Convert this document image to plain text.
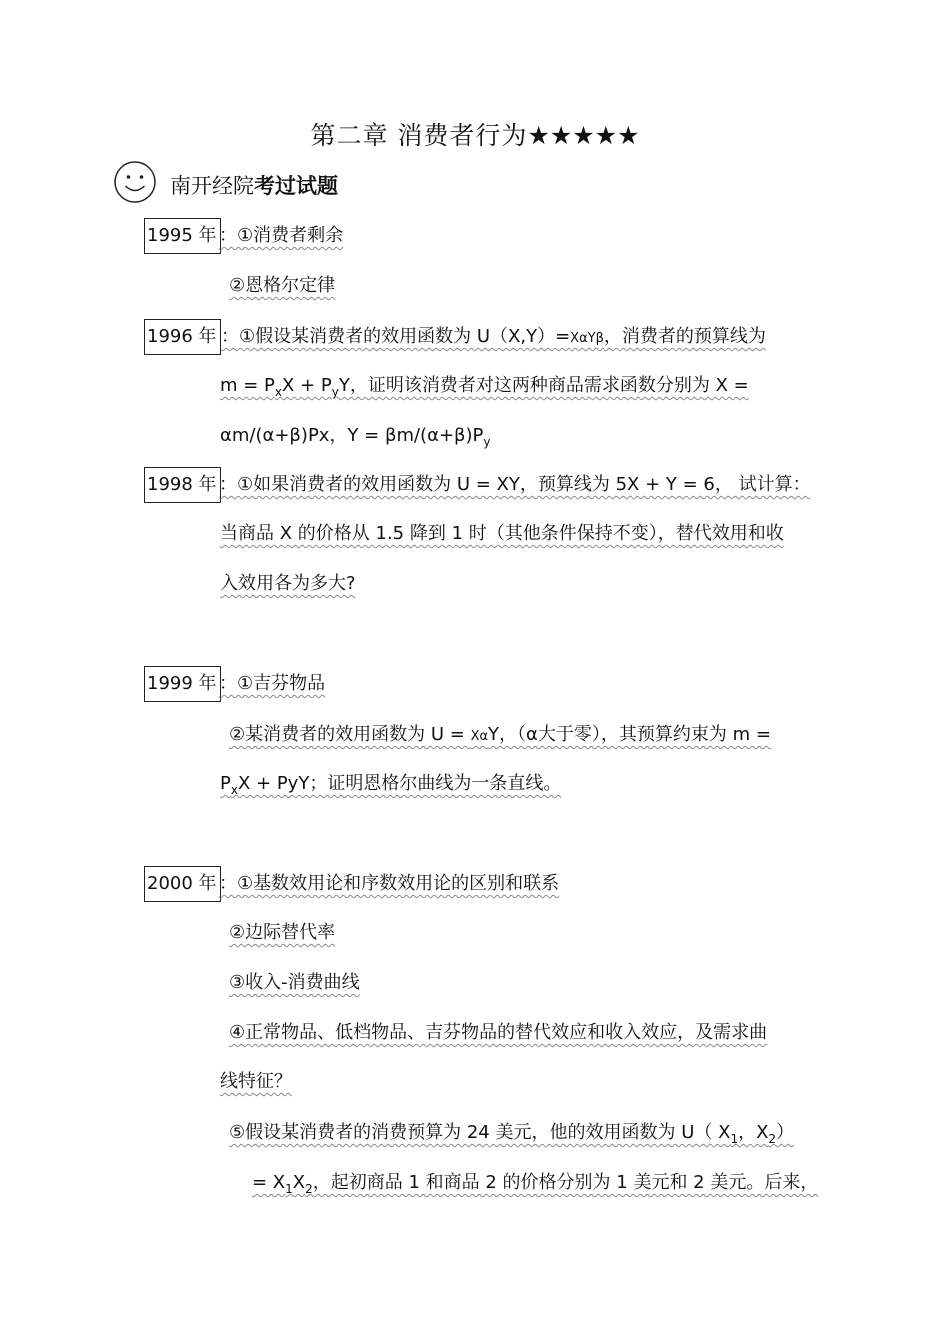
第二章 消费者行为★★★★★
南开经院考过试题
1995 年 ：①消费者剩余
②恩格尔定律
1996 年 ：①假设某消费者的效用函数为 U（X,Y）=XαYβ，消费者的预算线为
$m = P_xX + P_yY$，证明该消费者对这两种商品需求函数分别为 X =
αm/(α+β)Px，$Y = \beta m/(\alpha+\beta)P_y$
1998 年 ：①如果消费者的效用函数为 U = XY，预算线为 5X + Y = 6， 试计算：
当商品 X 的价格从 1.5 降到 1 时（其他条件保持不变），替代效用和收
入效用各为多大?
1999 年 ：①吉芬物品
②某消费者的效用函数为 U = XαY，（α大于零），其预算约束为 m =
$P_xX$ + PyY；证明恩格尔曲线为一条直线。
2000 年 ：①基数效用论和序数效用论的区别和联系
②边际替代率
③收入-消费曲线
④正常物品、低档物品、吉芬物品的替代效应和收入效应，及需求曲
线特征？
⑤假设某消费者的消费预算为 24 美元，他的效用函数为 U（ $X_1$，$X_2$）
= $X_1X_2$，起初商品 1 和商品 2 的价格分别为 1 美元和 2 美元。后来，
